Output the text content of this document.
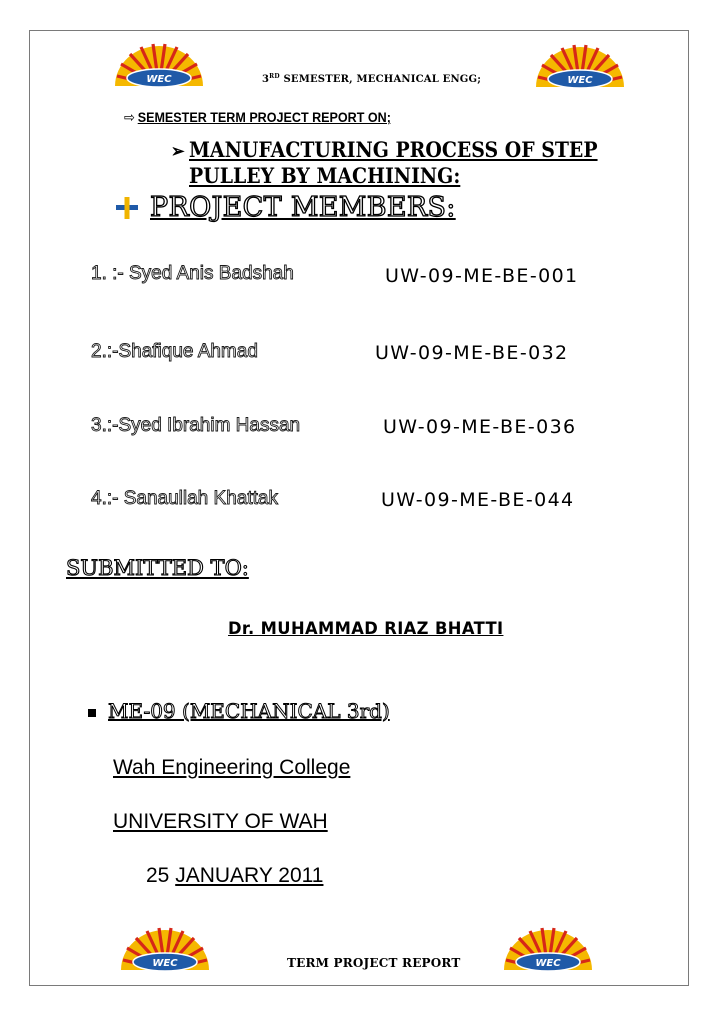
WEC	WEC
3RD SEMESTER, MECHANICAL ENGG;
⇨ SEMESTER TERM PROJECT REPORT ON;
➢ MANUFACTURING PROCESS OF STEP
PULLEY BY MACHINING:
PROJECT MEMBERS:
1. :- Syed Anis Badshah	UW-09-ME-BE-001
2.:-Shafique Ahmad	UW-09-ME-BE-032
3.:-Syed Ibrahim Hassan	UW-09-ME-BE-036
4.:- Sanaullah Khattak	UW-09-ME-BE-044
SUBMITTED TO:
Dr. MUHAMMAD RIAZ BHATTI
ME-09 (MECHANICAL 3rd)
Wah Engineering College
UNIVERSITY OF WAH
25 JANUARY 2011
WEC	WEC
TERM PROJECT REPORT
